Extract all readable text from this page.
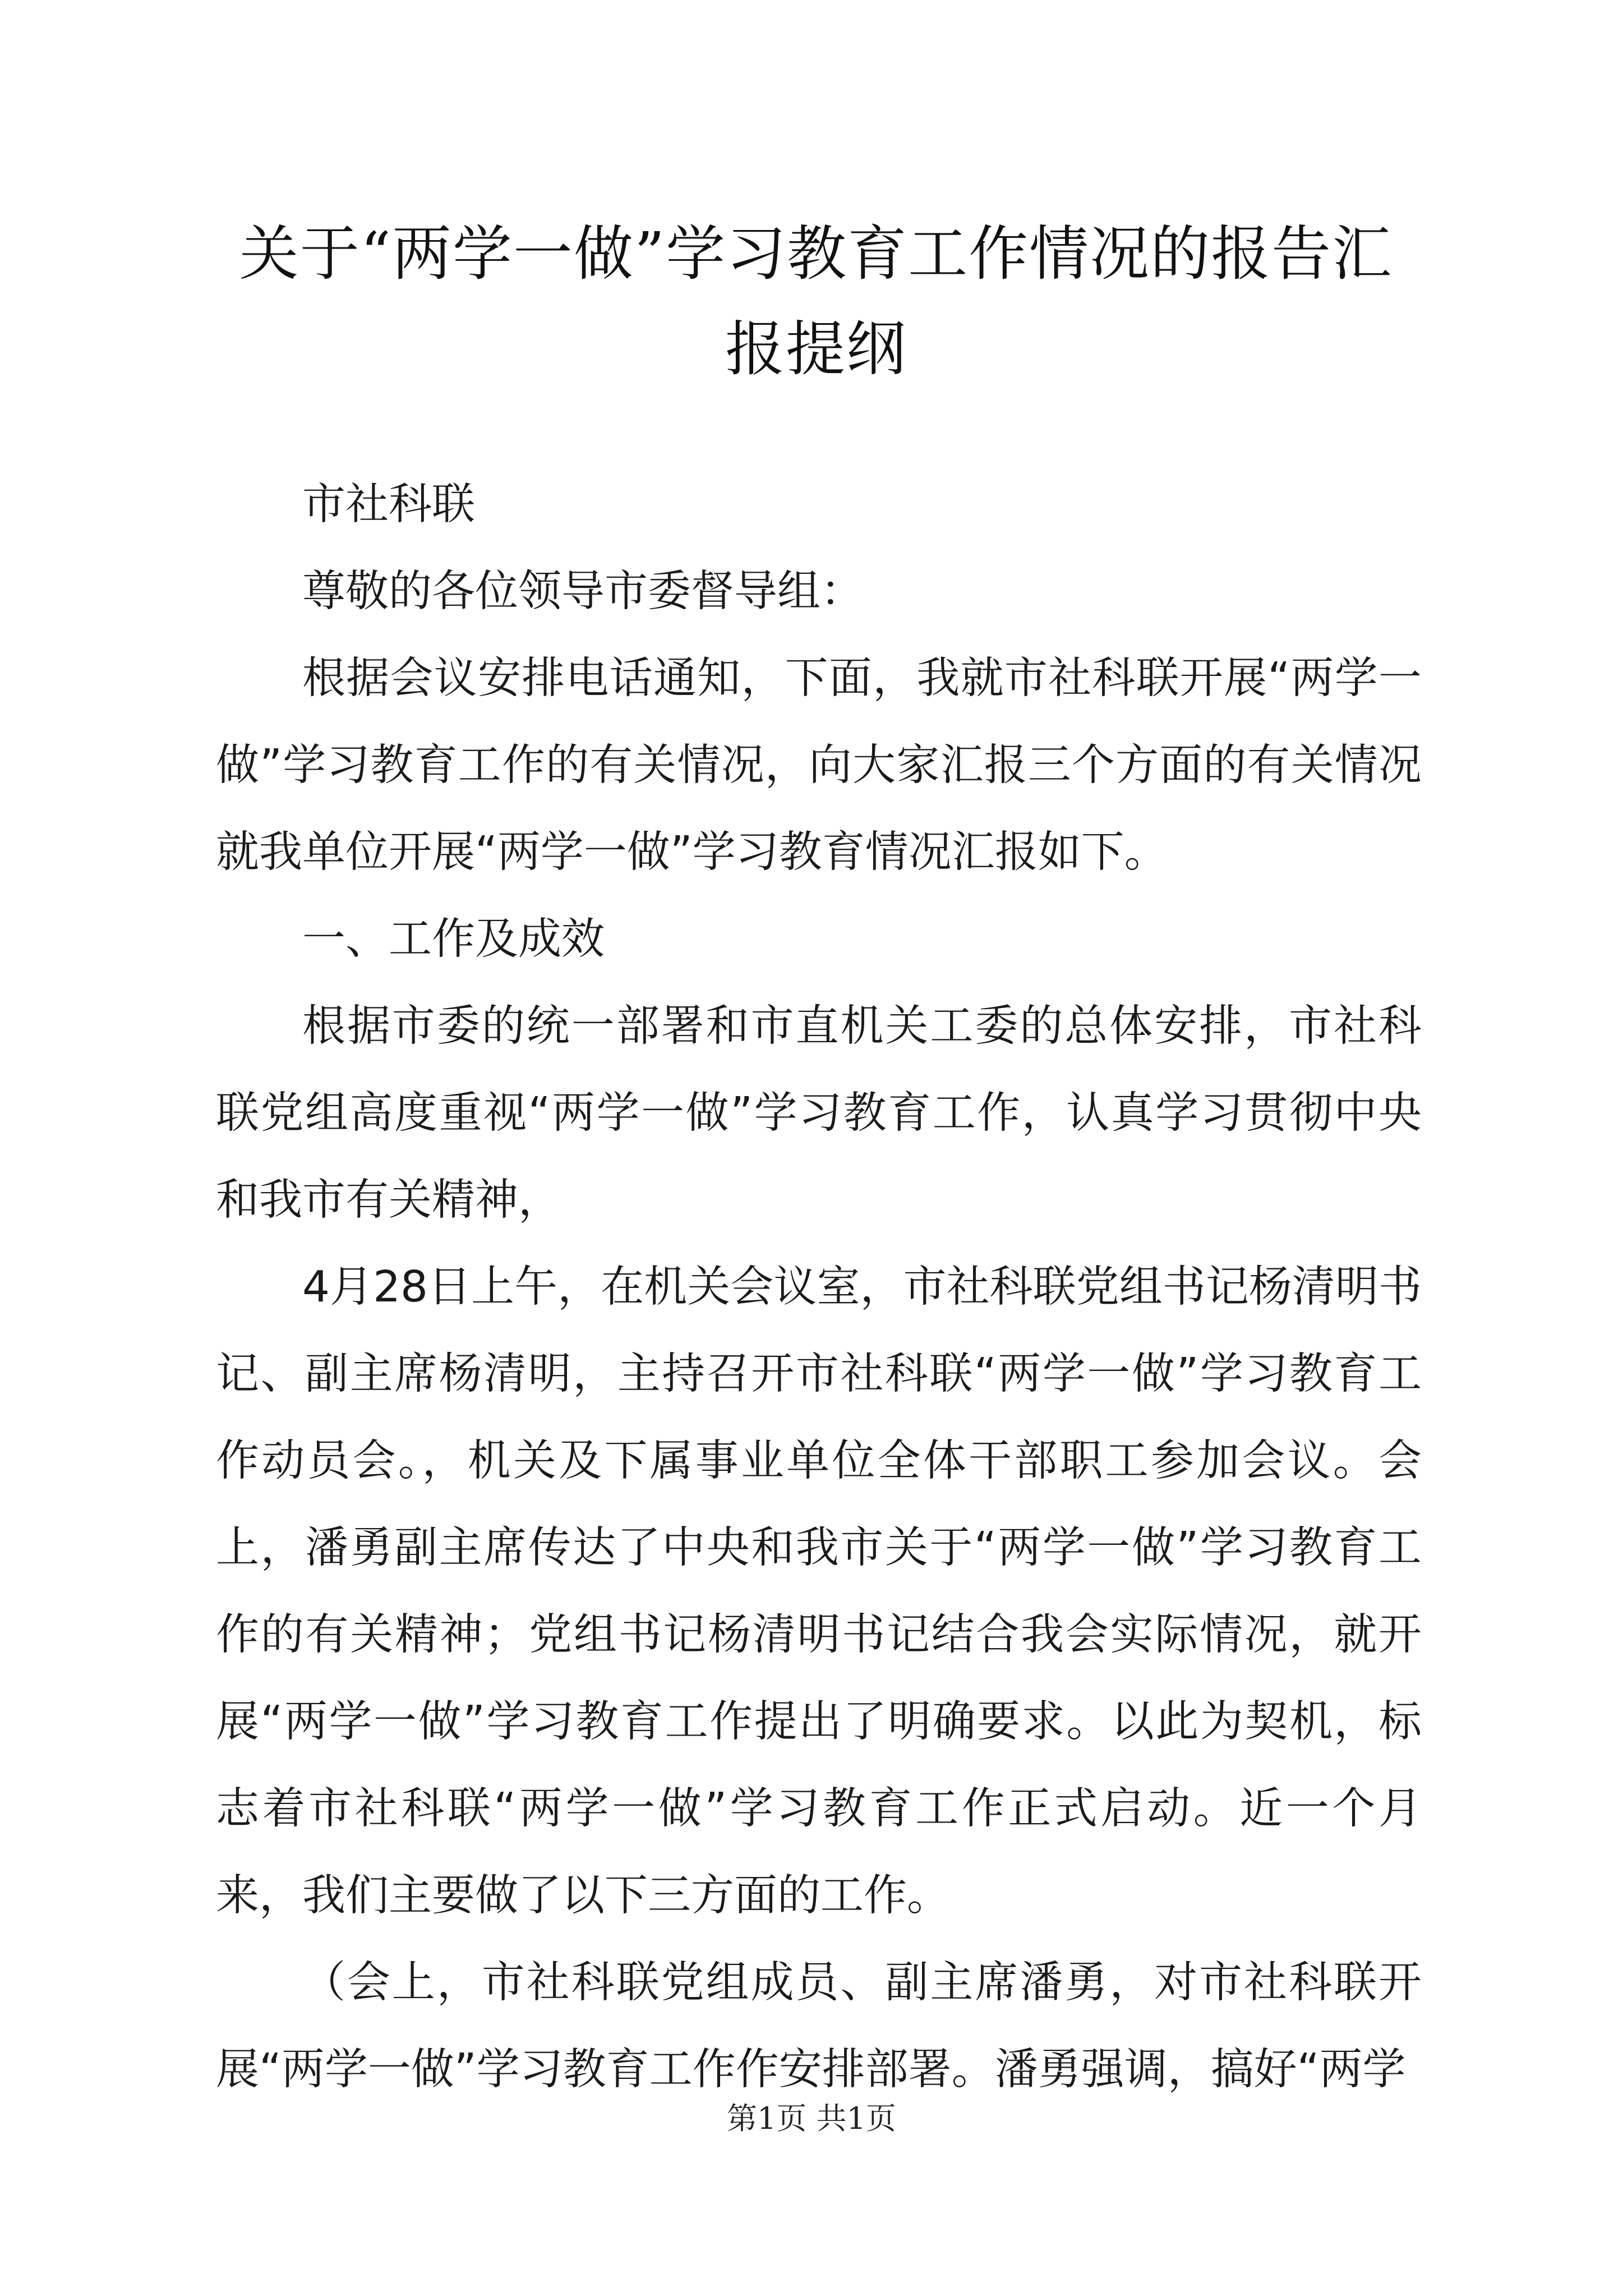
关于“两学一做”学习教育工作情况的报告汇报提纲

市社科联

尊敬的各位领导市委督导组：

根据会议安排电话通知，下面，我就市社科联开展“两学一做”学习教育工作的有关情况，向大家汇报三个方面的有关情况就我单位开展“两学一做”学习教育情况汇报如下。

一、工作及成效

根据市委的统一部署和市直机关工委的总体安排，市社科联党组高度重视“两学一做”学习教育工作，认真学习贯彻中央和我市有关精神，

4月28日上午，在机关会议室，市社科联党组书记杨清明书记、副主席杨清明，主持召开市社科联“两学一做”学习教育工作动员会。，机关及下属事业单位全体干部职工参加会议。会上，潘勇副主席传达了中央和我市关于“两学一做”学习教育工作的有关精神；党组书记杨清明书记结合我会实际情况，就开展“两学一做”学习教育工作提出了明确要求。以此为契机，标志着市社科联“两学一做”学习教育工作正式启动。近一个月来，我们主要做了以下三方面的工作。

（会上，市社科联党组成员、副主席潘勇，对市社科联开展“两学一做”学习教育工作作安排部署。潘勇强调，搞好“两学

第1页 共1页
